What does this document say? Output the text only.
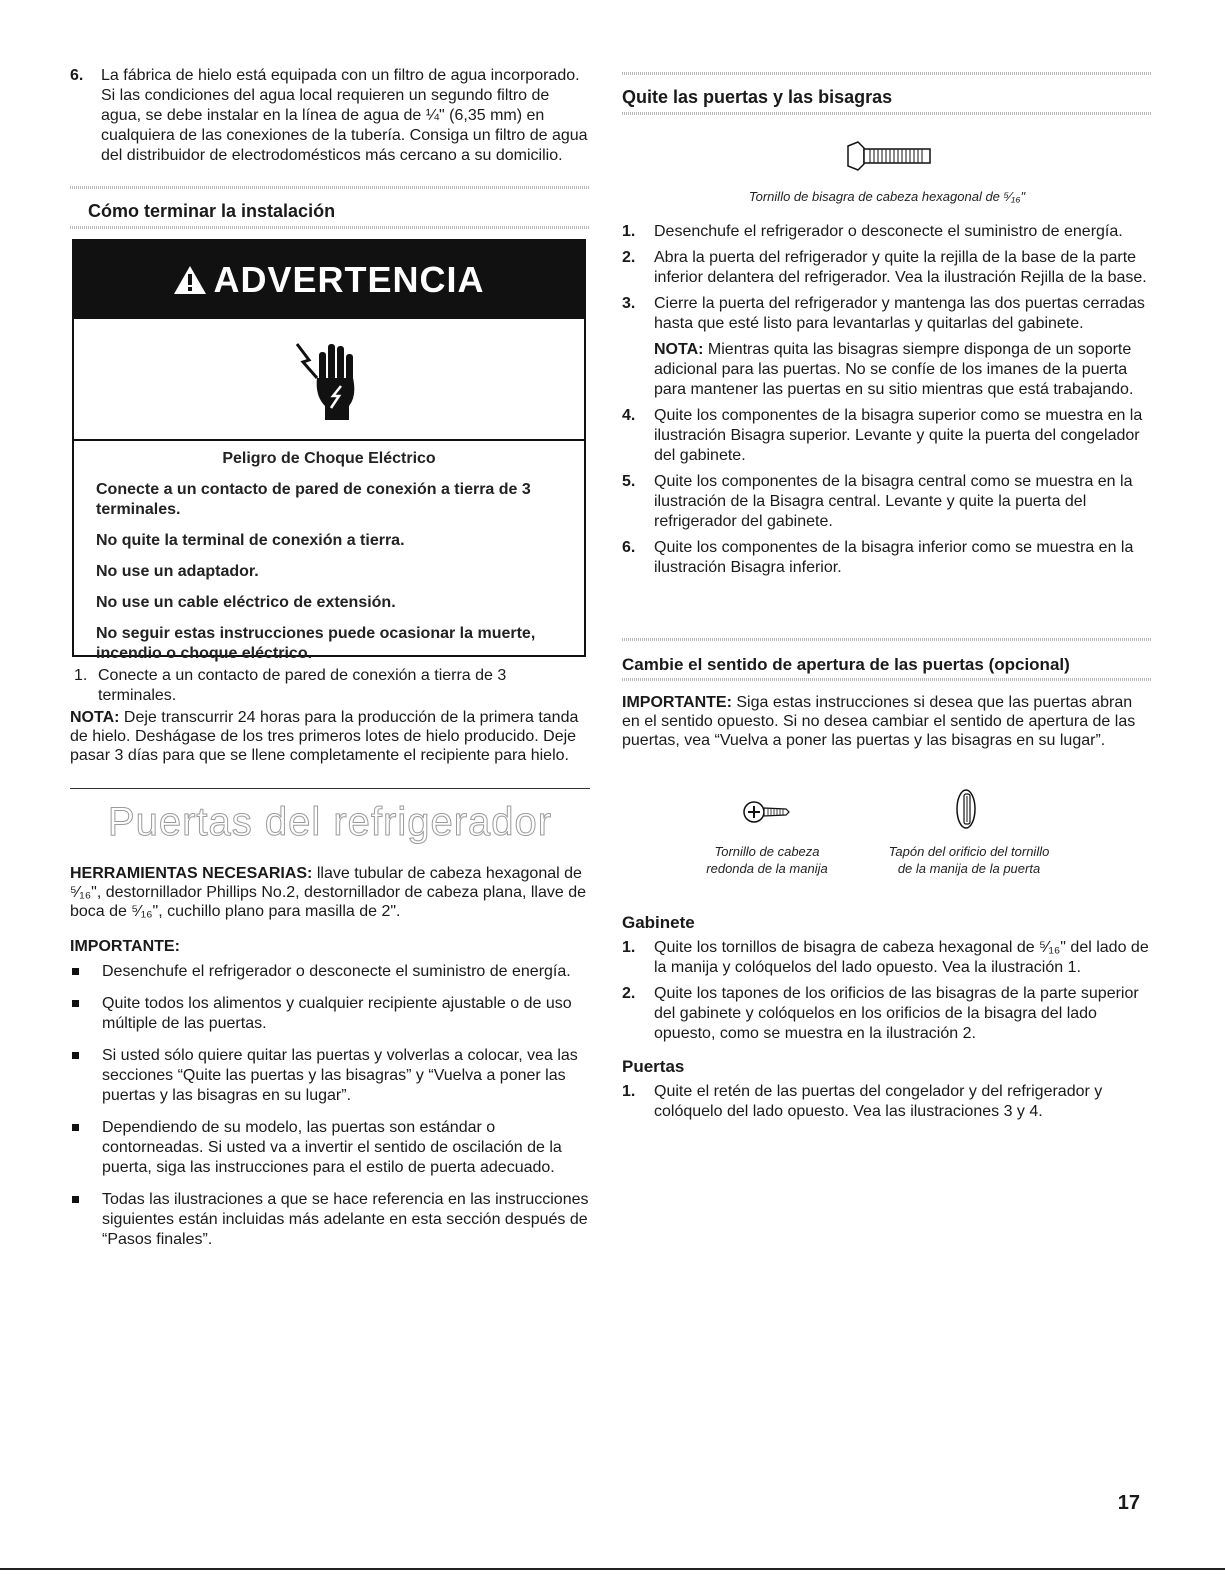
6.	La fábrica de hielo está equipada con un filtro de agua incorporado. Si las condiciones del agua local requieren un segundo filtro de agua, se debe instalar en la línea de agua de ¼" (6,35 mm) en cualquiera de las conexiones de la tubería. Consiga un filtro de agua del distribuidor de electrodomésticos más cercano a su domicilio.
Cómo terminar la instalación
ADVERTENCIA

Peligro de Choque Eléctrico

Conecte a un contacto de pared de conexión a tierra de 3 terminales.

No quite la terminal de conexión a tierra.

No use un adaptador.

No use un cable eléctrico de extensión.

No seguir estas instrucciones puede ocasionar la muerte, incendio o choque eléctrico.

1. Conecte a un contacto de pared de conexión a tierra de 3 terminales.

NOTA: Deje transcurrir 24 horas para la producción de la primera tanda de hielo. Deshágase de los tres primeros lotes de hielo producido. Deje pasar 3 días para que se llene completamente el recipiente para hielo.

Puertas del refrigerador

HERRAMIENTAS NECESARIAS: llave tubular de cabeza hexagonal de ⁵⁄₁₆", destornillador Phillips No.2, destornillador de cabeza plana, llave de boca de ⁵⁄₁₆", cuchillo plano para masilla de 2".

IMPORTANTE:
Desenchufe el refrigerador o desconecte el suministro de energía.
Quite todos los alimentos y cualquier recipiente ajustable o de uso múltiple de las puertas.
Si usted sólo quiere quitar las puertas y volverlas a colocar, vea las secciones “Quite las puertas y las bisagras” y “Vuelva a poner las puertas y las bisagras en su lugar”.
Dependiendo de su modelo, las puertas son estándar o contorneadas. Si usted va a invertir el sentido de oscilación de la puerta, siga las instrucciones para el estilo de puerta adecuado.
Todas las ilustraciones a que se hace referencia en las instrucciones siguientes están incluidas más adelante en esta sección después de “Pasos finales”.
Quite las puertas y las bisagras
Tornillo de bisagra de cabeza hexagonal de ⁵⁄₁₆"
1. Desenchufe el refrigerador o desconecte el suministro de energía.
2. Abra la puerta del refrigerador y quite la rejilla de la base de la parte inferior delantera del refrigerador. Vea la ilustración Rejilla de la base.
3. Cierre la puerta del refrigerador y mantenga las dos puertas cerradas hasta que esté listo para levantarlas y quitarlas del gabinete.
NOTA: Mientras quita las bisagras siempre disponga de un soporte adicional para las puertas. No se confíe de los imanes de la puerta para mantener las puertas en su sitio mientras que está trabajando.
4. Quite los componentes de la bisagra superior como se muestra en la ilustración Bisagra superior. Levante y quite la puerta del congelador del gabinete.
5. Quite los componentes de la bisagra central como se muestra en la ilustración de la Bisagra central. Levante y quite la puerta del refrigerador del gabinete.
6. Quite los componentes de la bisagra inferior como se muestra en la ilustración Bisagra inferior.
Cambie el sentido de apertura de las puertas (opcional)

IMPORTANTE: Siga estas instrucciones si desea que las puertas abran en el sentido opuesto. Si no desea cambiar el sentido de apertura de las puertas, vea “Vuelva a poner las puertas y las bisagras en su lugar”.

Tornillo de cabeza redonda de la manija
Tapón del orificio del tornillo de la manija de la puerta
Gabinete
1. Quite los tornillos de bisagra de cabeza hexagonal de ⁵⁄₁₆" del lado de la manija y colóquelos del lado opuesto. Vea la ilustración 1.
2. Quite los tapones de los orificios de las bisagras de la parte superior del gabinete y colóquelos en los orificios de la bisagra del lado opuesto, como se muestra en la ilustración 2.
Puertas
1. Quite el retén de las puertas del congelador y del refrigerador y colóquelo del lado opuesto. Vea las ilustraciones 3 y 4.
17
